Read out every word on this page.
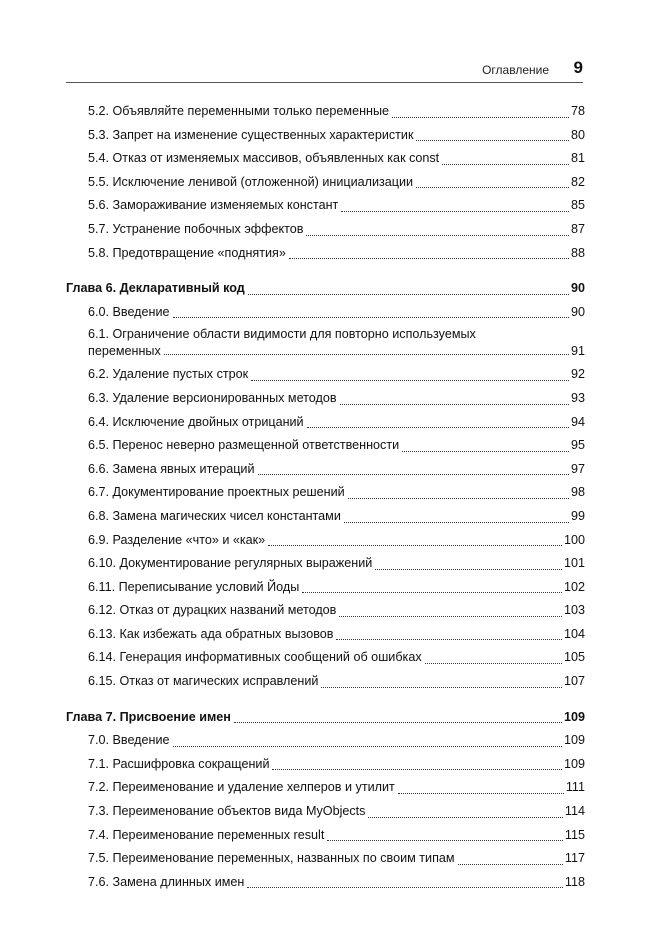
Оглавление 9
5.2. Объявляйте переменными только переменные	78
5.3. Запрет на изменение существенных характеристик	80
5.4. Отказ от изменяемых массивов, объявленных как const	81
5.5. Исключение ленивой (отложенной) инициализации	82
5.6. Замораживание изменяемых констант	85
5.7. Устранение побочных эффектов	87
5.8. Предотвращение «поднятия»	88
Глава 6. Декларативный код	90
6.0. Введение	90
6.1. Ограничение области видимости для повторно используемых
переменных	91
6.2. Удаление пустых строк	92
6.3. Удаление версионированных методов	93
6.4. Исключение двойных отрицаний	94
6.5. Перенос неверно размещенной ответственности	95
6.6. Замена явных итераций	97
6.7. Документирование проектных решений	98
6.8. Замена магических чисел константами	99
6.9. Разделение «что» и «как»	100
6.10. Документирование регулярных выражений	101
6.11. Переписывание условий Йоды	102
6.12. Отказ от дурацких названий методов	103
6.13. Как избежать ада обратных вызовов	104
6.14. Генерация информативных сообщений об ошибках	105
6.15. Отказ от магических исправлений	107
Глава 7. Присвоение имен	109
7.0. Введение	109
7.1. Расшифровка сокращений	109
7.2. Переименование и удаление хелперов и утилит	111
7.3. Переименование объектов вида MyObjects	114
7.4. Переименование переменных result	115
7.5. Переименование переменных, названных по своим типам	117
7.6. Замена длинных имен	118
